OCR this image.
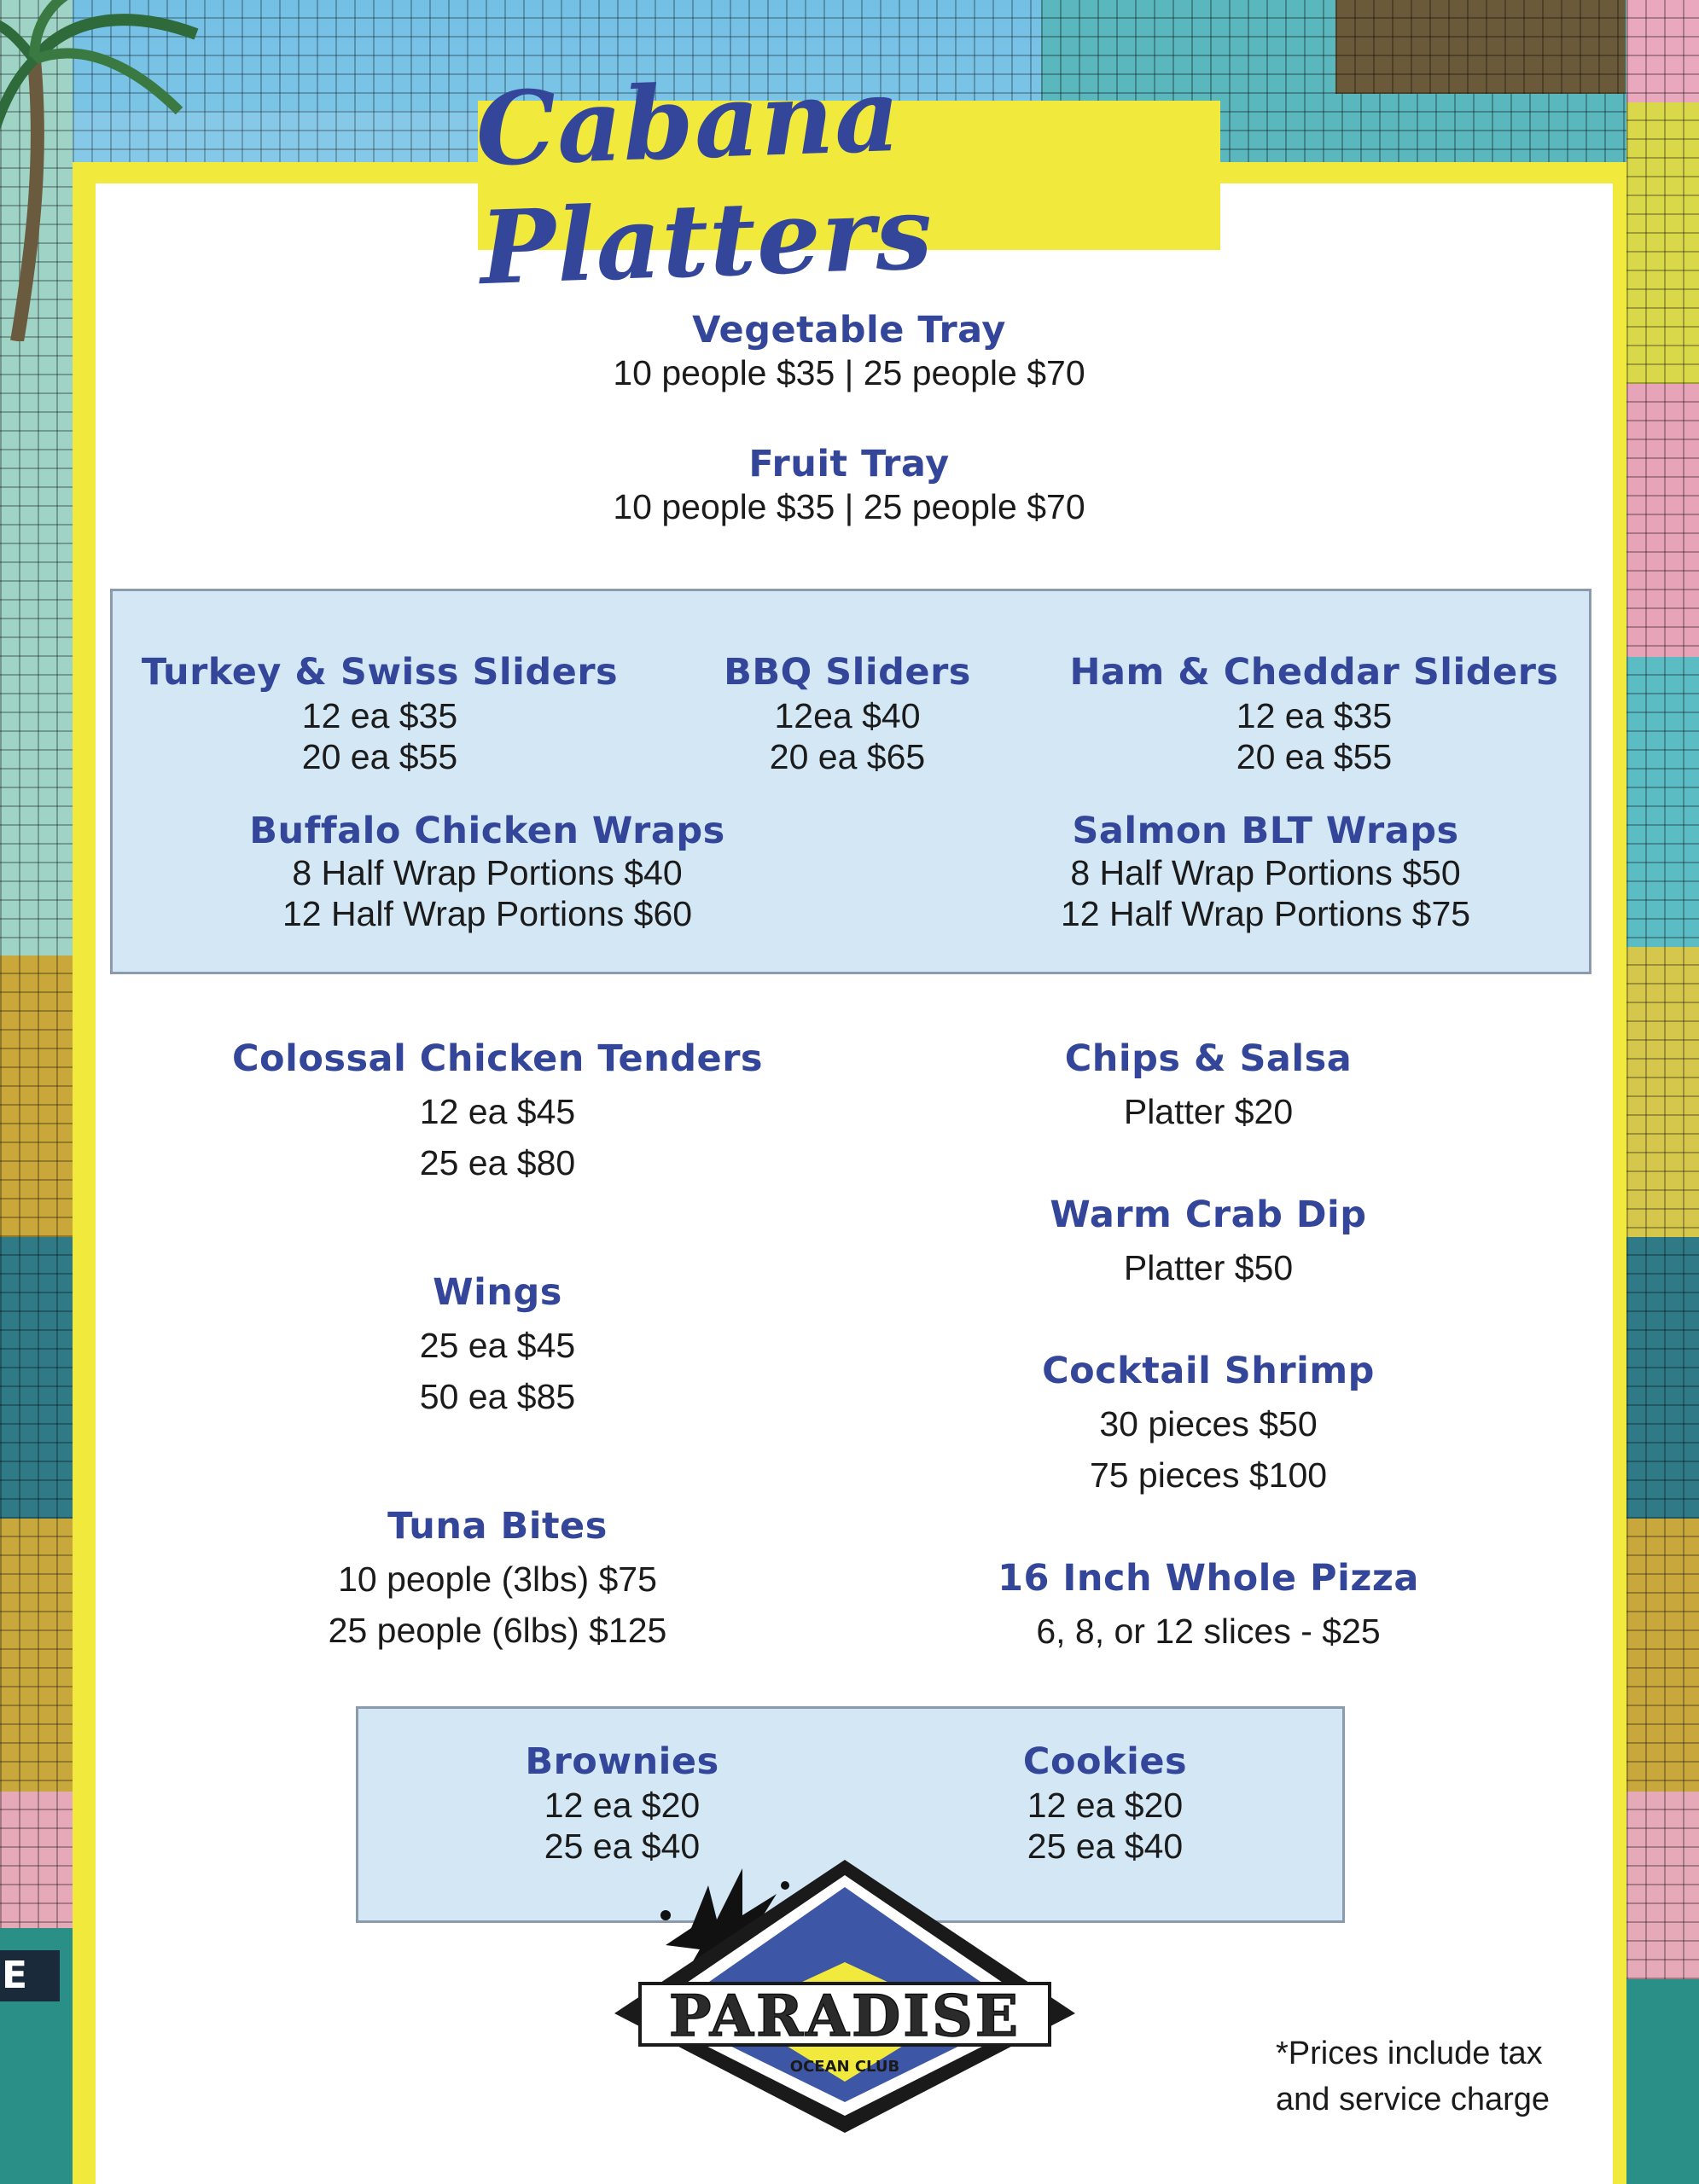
E
Cabana Platters
Vegetable Tray
10 people $35 | 25 people $70
Fruit Tray
10 people $35 | 25 people $70
Turkey & Swiss Sliders
12 ea $35
20 ea $55
BBQ Sliders
12ea $40
20 ea $65
Ham & Cheddar Sliders
12 ea $35
20 ea $55
Buffalo Chicken Wraps
8 Half Wrap Portions $40
12 Half Wrap Portions $60
Salmon BLT Wraps
8 Half Wrap Portions $50
12 Half Wrap Portions $75
Colossal Chicken Tenders
12 ea $45
25 ea $80
Wings
25 ea $45
50 ea $85
Tuna Bites
10 people (3lbs) $75
25 people (6lbs) $125
Chips & Salsa
Platter $20
Warm Crab Dip
Platter $50
Cocktail Shrimp
30 pieces $50
75 pieces $100
16 Inch Whole Pizza
6, 8, or 12 slices - $25
Brownies
12 ea $20
25 ea $40
Cookies
12 ea $20
25 ea $40
PARADISE
OCEAN CLUB	*Prices include tax
and service charge
